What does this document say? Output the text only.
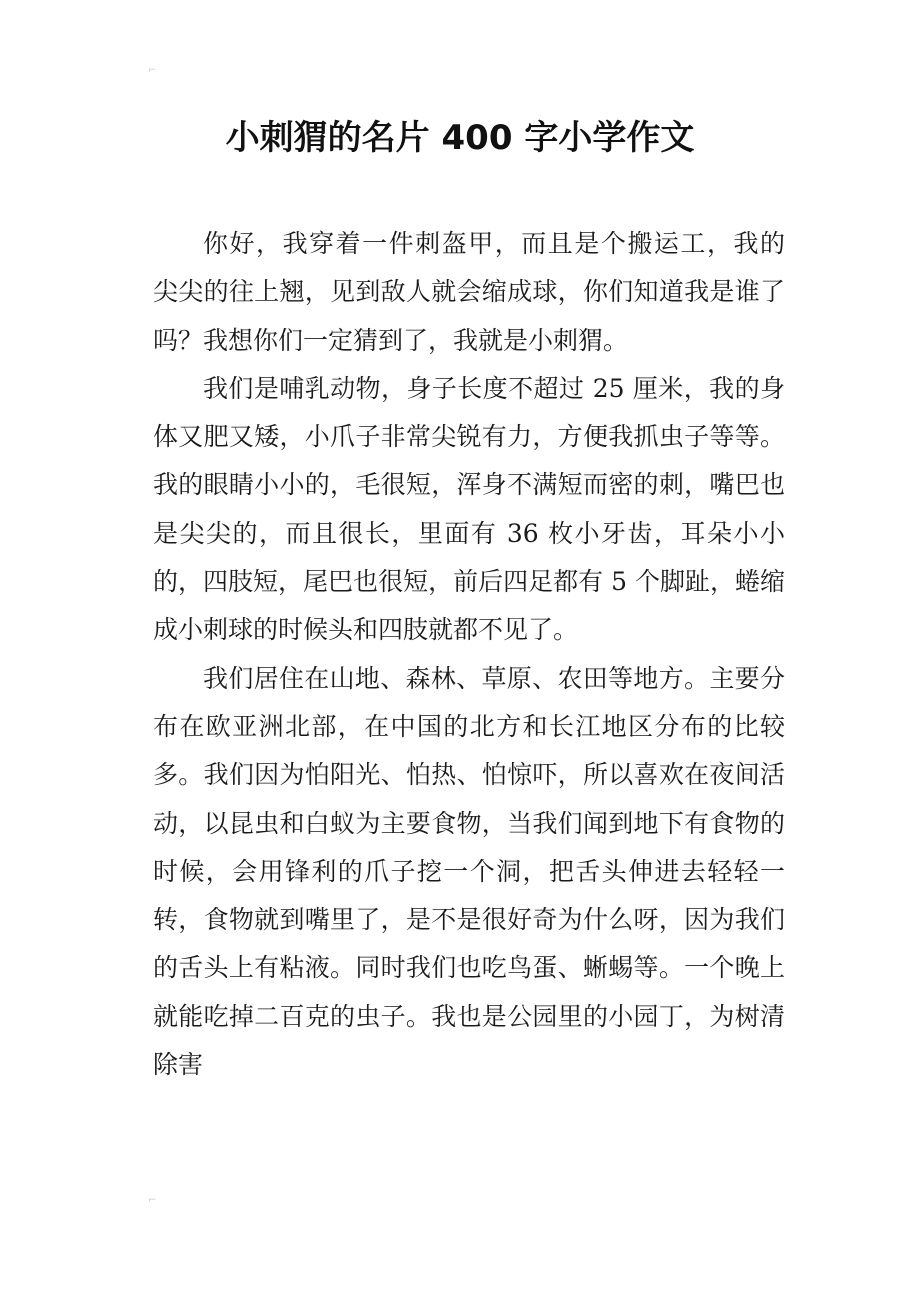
⌐
小刺猬的名片 400 字小学作文

你好，我穿着一件刺盔甲，而且是个搬运工，我的 尖尖的往上翘，见到敌人就会缩成球，你们知道我是谁了吗？我想你们一定猜到了，我就是小刺猬。

我们是哺乳动物，身子长度不超过 25 厘米，我的身体又肥又矮，小爪子非常尖锐有力，方便我抓虫子等等。我的眼睛小小的，毛很短，浑身不满短而密的刺，嘴巴也是尖尖的，而且很长，里面有 36 枚小牙齿，耳朵小小的，四肢短，尾巴也很短，前后四足都有 5 个脚趾，蜷缩成小刺球的时候头和四肢就都不见了。

我们居住在山地、森林、草原、农田等地方。主要分布在欧亚洲北部，在中国的北方和长江地区分布的比较多。我们因为怕阳光、怕热、怕惊吓，所以喜欢在夜间活动，以昆虫和白蚁为主要食物，当我们闻到地下有食物的时候，会用锋利的爪子挖一个洞，把舌头伸进去轻轻一转，食物就到嘴里了，是不是很好奇为什么呀，因为我们的舌头上有粘液。同时我们也吃鸟蛋、蜥蜴等。一个晚上就能吃掉二百克的虫子。我也是公园里的小园丁，为树清除害

⌐
